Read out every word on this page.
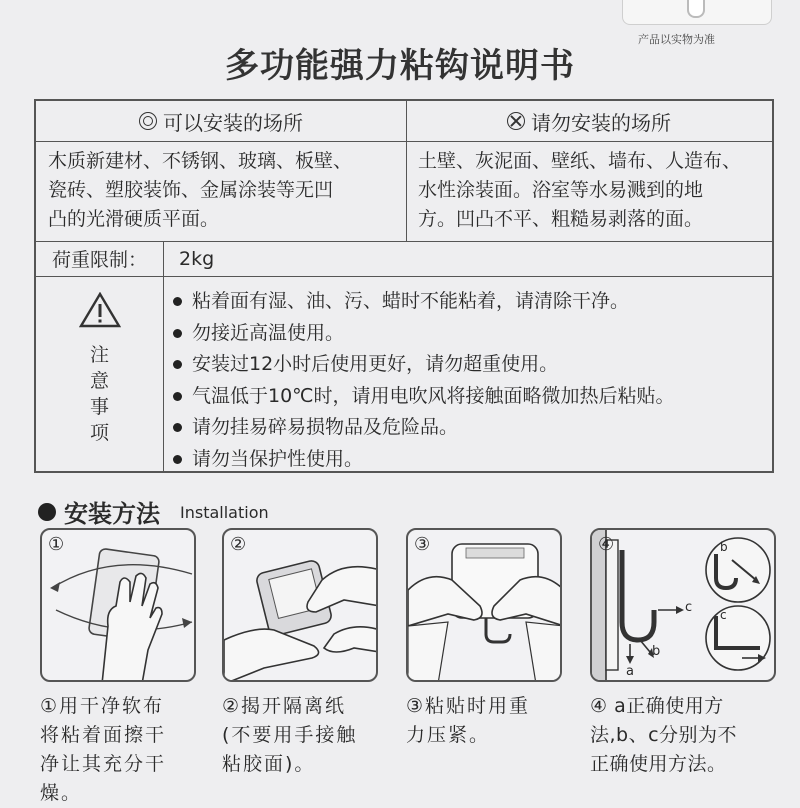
产品以实物为准
多功能强力粘钩说明书
可以安装的场所	请勿安装的场所
木质新建材、不锈钢、玻璃、板壁、
瓷砖、塑胶装饰、金属涂装等无凹
凸的光滑硬质平面。
土壁、灰泥面、壁纸、墙布、人造布、
水性涂装面。浴室等水易溅到的地
方。凹凸不平、粗糙易剥落的面。
荷重限制：	2kg
注
意
事
项
粘着面有湿、油、污、蜡时不能粘着，请清除干净。
勿接近高温使用。
安装过12小时后使用更好，请勿超重使用。
气温低于10℃时，请用电吹风将接触面略微加热后粘贴。
请勿挂易碎易损物品及危险品。
请勿当保护性使用。
安装方法 Installation
①	②	③	④
c
b
a
b
c
①用干净软布
将粘着面擦干
净让其充分干
燥。
②揭开隔离纸
(不要用手接触
粘胶面)。
③粘贴时用重
力压紧。
④ a正确使用方
法,b、c分别为不
正确使用方法。
